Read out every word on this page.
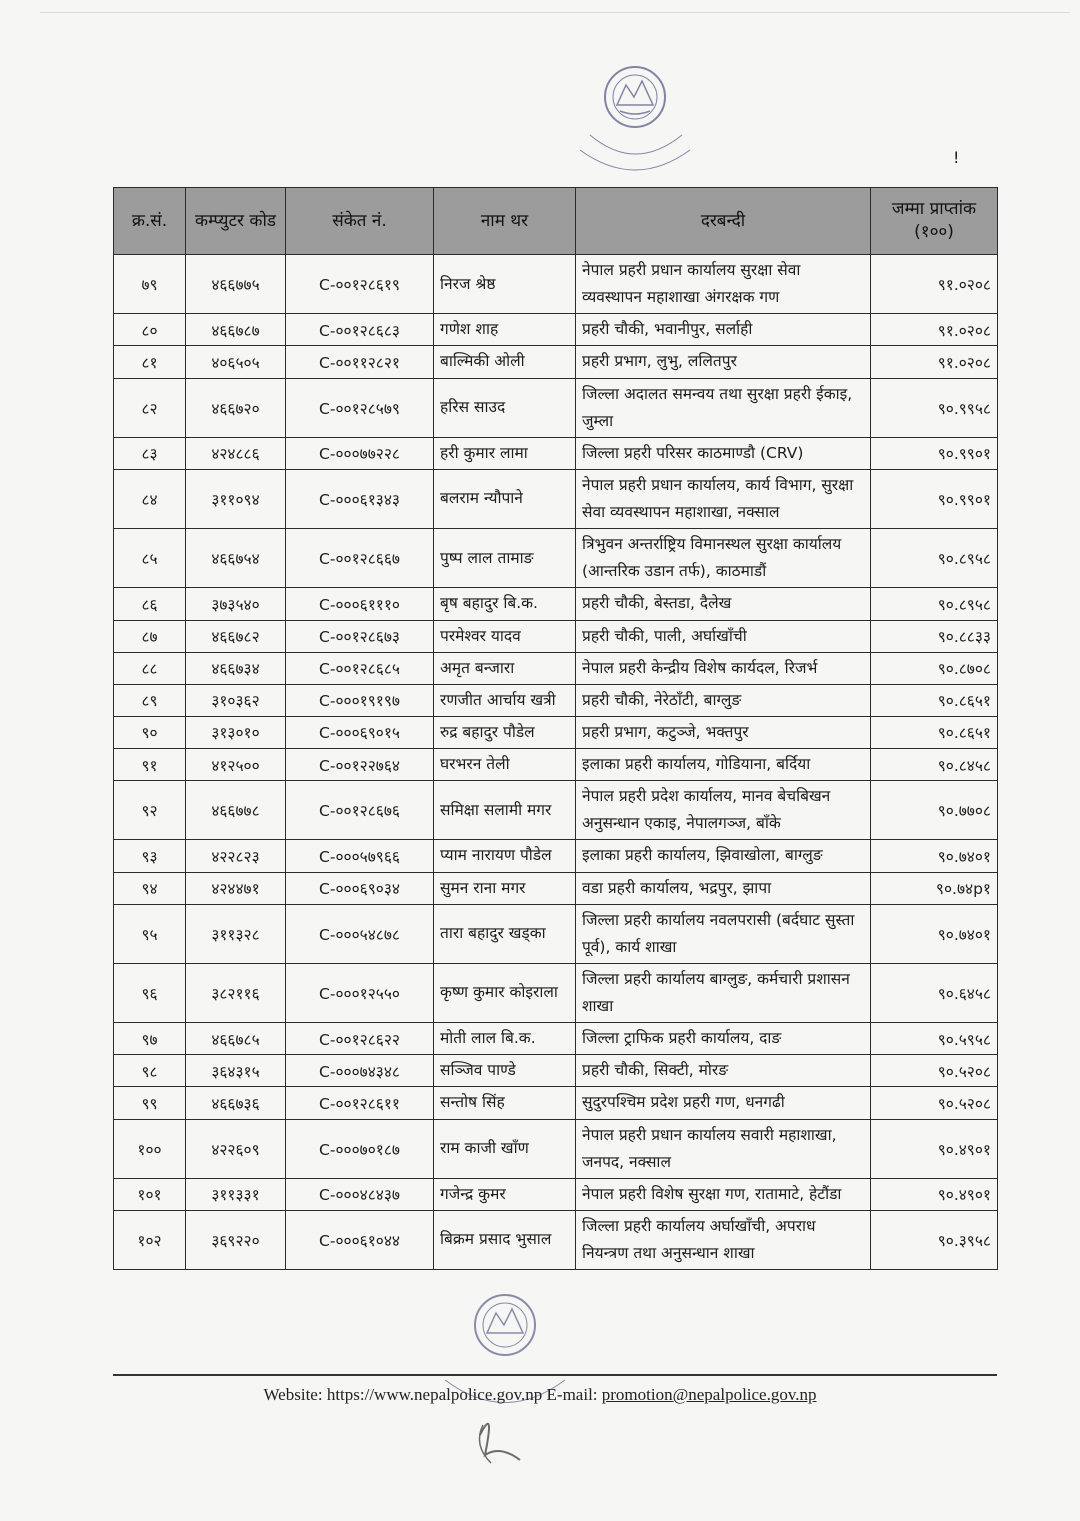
!
क्र.सं.	कम्प्युटर कोड	संकेत नं.	नाम थर	दरबन्दी	जम्मा प्राप्तांक (१००)
७९	४६६७७५	C-००१२८६१९	निरज श्रेष्ठ	नेपाल प्रहरी प्रधान कार्यालय सुरक्षा सेवा व्यवस्थापन महाशाखा अंगरक्षक गण	९१.०२०८
८०	४६६७८७	C-००१२८६८३	गणेश शाह	प्रहरी चौकी, भवानीपुर, सर्लाही	९१.०२०८
८१	४०६५०५	C-००११२८२१	बाल्मिकी ओली	प्रहरी प्रभाग, लुभु, ललितपुर	९१.०२०८
८२	४६६७२०	C-००१२८५७९	हरिस साउद	जिल्ला अदालत समन्वय तथा सुरक्षा प्रहरी ईकाइ, जुम्ला	९०.९९५८
८३	४२४८८६	C-०००७७२२८	हरी कुमार लामा	जिल्ला प्रहरी परिसर काठमाण्डौ (CRV)	९०.९९०१
८४	३११०९४	C-०००६१३४३	बलराम न्यौपाने	नेपाल प्रहरी प्रधान कार्यालय, कार्य विभाग, सुरक्षा सेवा व्यवस्थापन महाशाखा, नक्साल	९०.९९०१
८५	४६६७५४	C-००१२८६६७	पुष्प लाल तामाङ	त्रिभुवन अन्तर्राष्ट्रिय विमानस्थल सुरक्षा कार्यालय (आन्तरिक उडान तर्फ), काठमाडौं	९०.८९५८
८६	३७३५४०	C-०००६१११०	बृष बहादुर बि.क.	प्रहरी चौकी, बेस्तडा, दैलेख	९०.८९५८
८७	४६६७८२	C-००१२८६७३	परमेश्वर यादव	प्रहरी चौकी, पाली, अर्घाखाँची	९०.८८३३
८८	४६६७३४	C-००१२८६८५	अमृत बन्जारा	नेपाल प्रहरी केन्द्रीय विशेष कार्यदल, रिजर्भ	९०.८७०८
८९	३१०३६२	C-०००१९१९७	रणजीत आर्चाय खत्री	प्रहरी चौकी, नेरेठाँटी, बाग्लुङ	९०.८६५१
९०	३१३०१०	C-०००६९०१५	रुद्र बहादुर पौडेल	प्रहरी प्रभाग, कटुञ्जे, भक्तपुर	९०.८६५१
९१	४१२५००	C-००१२२७६४	घरभरन तेली	इलाका प्रहरी कार्यालय, गोडियाना, बर्दिया	९०.८४५८
९२	४६६७७८	C-००१२८६७६	समिक्षा सलामी मगर	नेपाल प्रहरी प्रदेश कार्यालय, मानव बेचबिखन अनुसन्धान एकाइ, नेपालगञ्ज, बाँके	९०.७७०८
९३	४२२८२३	C-०००५७९६६	प्याम नारायण पौडेल	इलाका प्रहरी कार्यालय, झिवाखोला, बाग्लुङ	९०.७४०१
९४	४२४४७१	C-०००६९०३४	सुमन राना मगर	वडा प्रहरी कार्यालय, भद्रपुर, झापा	९०.७४p१
९५	३११३२८	C-०००५४८७८	तारा बहादुर खड्का	जिल्ला प्रहरी कार्यालय नवलपरासी (बर्दघाट सुस्ता पूर्व), कार्य शाखा	९०.७४०१
९६	३८२११६	C-०००१२५५०	कृष्ण कुमार कोइराला	जिल्ला प्रहरी कार्यालय बाग्लुङ, कर्मचारी प्रशासन शाखा	९०.६४५८
९७	४६६७८५	C-००१२८६२२	मोती लाल बि.क.	जिल्ला ट्राफिक प्रहरी कार्यालय, दाङ	९०.५९५८
९८	३६४३१५	C-०००७४३४८	सञ्जिव पाण्डे	प्रहरी चौकी, सिक्टी, मोरङ	९०.५२०८
९९	४६६७३६	C-००१२८६११	सन्तोष सिंह	सुदुरपश्चिम प्रदेश प्रहरी गण, धनगढी	९०.५२०८
१००	४२२६०९	C-०००७०१८७	राम काजी खाँण	नेपाल प्रहरी प्रधान कार्यालय सवारी महाशाखा, जनपद, नक्साल	९०.४९०१
१०१	३११३३१	C-०००४८४३७	गजेन्द्र कुमर	नेपाल प्रहरी विशेष सुरक्षा गण, रातामाटे, हेटौंडा	९०.४९०१
१०२	३६९२२०	C-०००६१०४४	बिक्रम प्रसाद भुसाल	जिल्ला प्रहरी कार्यालय अर्घाखाँची, अपराध नियन्त्रण तथा अनुसन्धान शाखा	९०.३९५८
Website: https://www.nepalpolice.gov.np E-mail: promotion@nepalpolice.gov.np
